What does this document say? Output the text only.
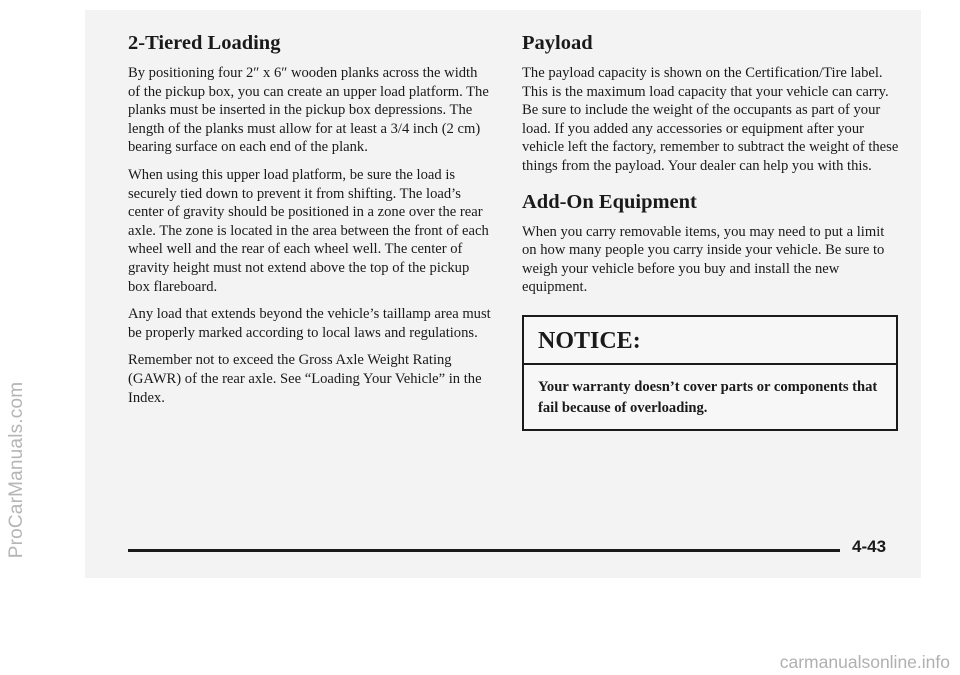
2-Tiered Loading

By positioning four 2″ x 6″ wooden planks across the width of the pickup box, you can create an upper load platform. The planks must be inserted in the pickup box depressions. The length of the planks must allow for at least a 3/4 inch (2 cm) bearing surface on each end of the plank.

When using this upper load platform, be sure the load is securely tied down to prevent it from shifting. The load’s center of gravity should be positioned in a zone over the rear axle. The zone is located in the area between the front of each wheel well and the rear of each wheel well. The center of gravity height must not extend above the top of the pickup box flareboard.

Any load that extends beyond the vehicle’s taillamp area must be properly marked according to local laws and regulations.

Remember not to exceed the Gross Axle Weight Rating (GAWR) of the rear axle. See “Loading Your Vehicle” in the Index.

Payload

The payload capacity is shown on the Certification/Tire label. This is the maximum load capacity that your vehicle can carry. Be sure to include the weight of the occupants as part of your load. If you added any accessories or equipment after your vehicle left the factory, remember to subtract the weight of these things from the payload. Your dealer can help you with this.

Add-On Equipment

When you carry removable items, you may need to put a limit on how many people you carry inside your vehicle. Be sure to weigh your vehicle before you buy and install the new equipment.

NOTICE:
Your warranty doesn’t cover parts or components that fail because of overloading.
4-43
ProCarManuals.com
carmanualsonline.info
